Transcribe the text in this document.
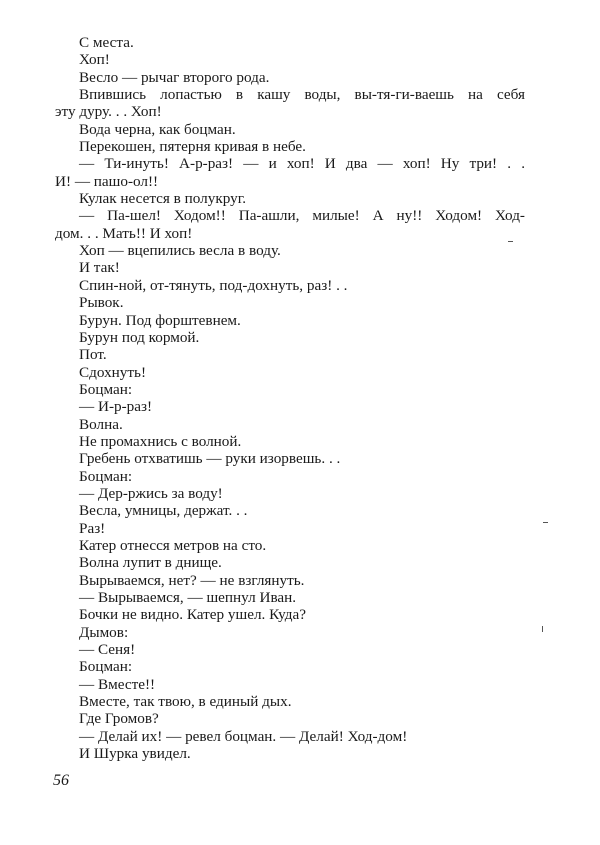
С места.
Хоп!
Весло — рычаг второго рода.
Впившись лопастью в кашу воды, вы-тя-ги-ваешь на себя
эту дуру. . . Хоп!
Вода черна, как боцман.
Перекошен, пятерня кривая в небе.
— Ти-инуть! А-р-раз! — и хоп! И два — хоп! Ну три! . .
И! — пашо-ол!!
Кулак несется в полукруг.
— Па-шел! Ходом!! Па-ашли, милые! А ну!! Ходом! Ход-
дом. . . Мать!! И хоп!
Хоп — вцепились весла в воду.
И так!
Спин-ной, от-тянуть, под-дохнуть, раз! . .
Рывок.
Бурун. Под форштевнем.
Бурун под кормой.
Пот.
Сдохнуть!
Боцман:
— И-р-раз!
Волна.
Не промахнись с волной.
Гребень отхватишь — руки изорвешь. . .
Боцман:
— Дер-ржись за воду!
Весла, умницы, держат. . .
Раз!
Катер отнесся метров на сто.
Волна лупит в днище.
Вырываемся, нет? — не взглянуть.
— Вырываемся, — шепнул Иван.
Бочки не видно. Катер ушел. Куда?
Дымов:
— Сеня!
Боцман:
— Вместе!!
Вместе, так твою, в единый дых.
Где Громов?
— Делай их! — ревел боцман. — Делай! Ход-дом!
И Шурка увидел.
56
